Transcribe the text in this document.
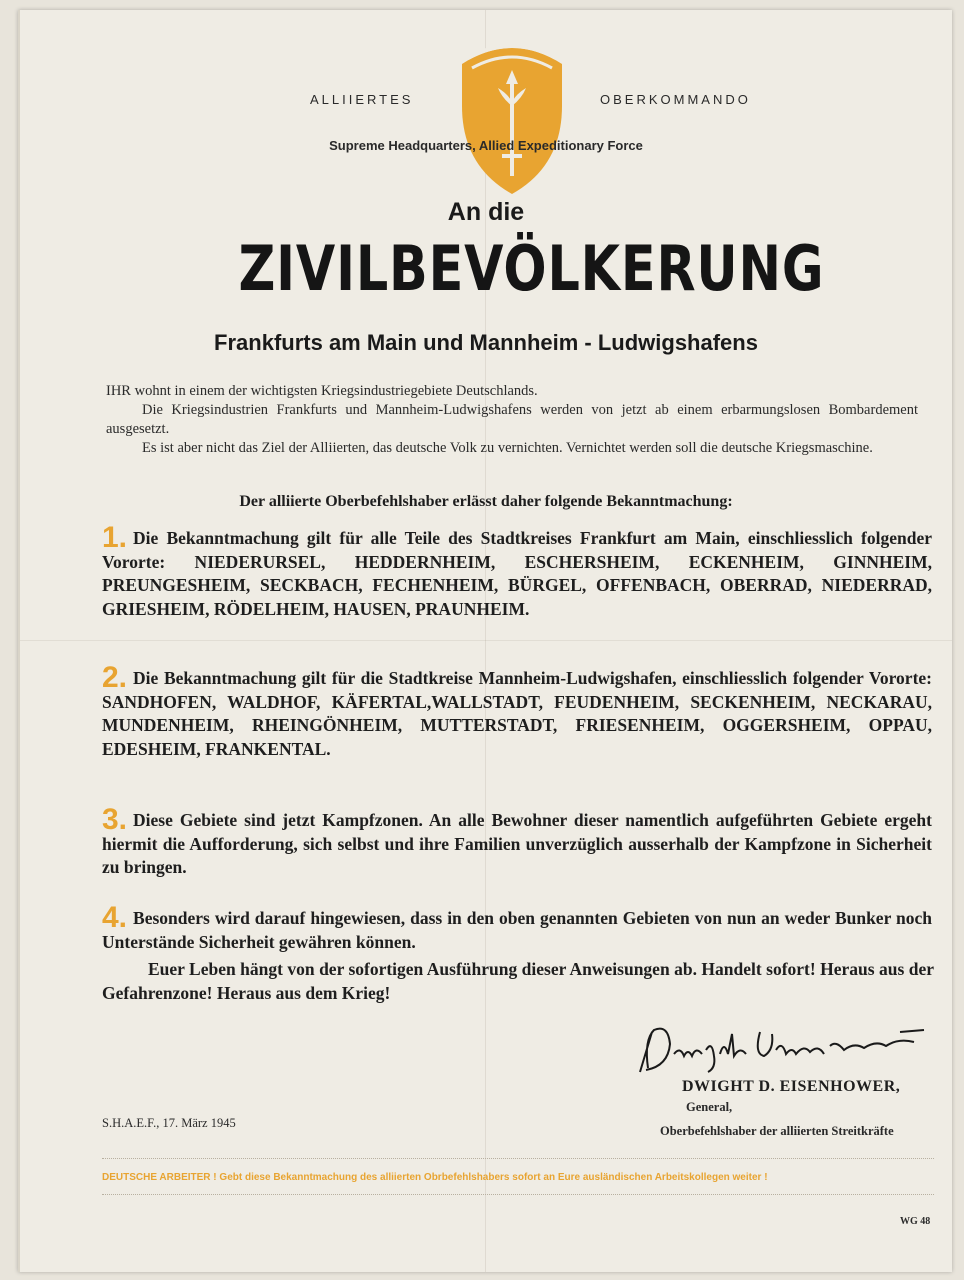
ALLIIERTES	OBERKOMMANDO
Supreme Headquarters, Allied Expeditionary Force
An die
ZIVILBEVÖLKERUNG
Frankfurts am Main und Mannheim - Ludwigshafens

IHR wohnt in einem der wichtigsten Kriegsindustriegebiete Deutschlands.

Die Kriegsindustrien Frankfurts und Mannheim-Ludwigshafens werden von jetzt ab einem erbarmungslosen Bombardement ausgesetzt.

Es ist aber nicht das Ziel der Alliierten, das deutsche Volk zu vernichten. Vernichtet werden soll die deutsche Kriegsmaschine.

Der alliierte Oberbefehlshaber erlässt daher folgende Bekanntmachung:

1. Die Bekanntmachung gilt für alle Teile des Stadtkreises Frankfurt am Main, einschliesslich folgender Vororte: NIEDERURSEL, HEDDERNHEIM, ESCHERSHEIM, ECKENHEIM, GINNHEIM, PREUNGESHEIM, SECKBACH, FECHENHEIM, BÜRGEL, OFFENBACH, OBERRAD, NIEDERRAD, GRIESHEIM, RÖDELHEIM, HAUSEN, PRAUNHEIM.

2. Die Bekanntmachung gilt für die Stadtkreise Mannheim-Ludwigshafen, einschliesslich folgender Vororte: SANDHOFEN, WALDHOF, KÄFERTAL,WALLSTADT, FEUDENHEIM, SECKENHEIM, NECKARAU, MUNDENHEIM, RHEINGÖNHEIM, MUTTERSTADT, FRIESENHEIM, OGGERSHEIM, OPPAU, EDESHEIM, FRANKENTAL.

3. Diese Gebiete sind jetzt Kampfzonen. An alle Bewohner dieser namentlich aufgeführten Gebiete ergeht hiermit die Aufforderung, sich selbst und ihre Familien unverzüglich ausserhalb der Kampfzone in Sicherheit zu bringen.

4. Besonders wird darauf hingewiesen, dass in den oben genannten Gebieten von nun an weder Bunker noch Unterstände Sicherheit gewähren können.

Euer Leben hängt von der sofortigen Ausführung dieser Anweisungen ab. Handelt sofort! Heraus aus der Gefahrenzone! Heraus aus dem Krieg!

DWIGHT D. EISENHOWER,
General,
Oberbefehlshaber der alliierten Streitkräfte
S.H.A.E.F., 17. März 1945
DEUTSCHE ARBEITER ! Gebt diese Bekanntmachung des alliierten Obrbefehlshabers sofort an Eure ausländischen Arbeitskollegen weiter !
WG 48
